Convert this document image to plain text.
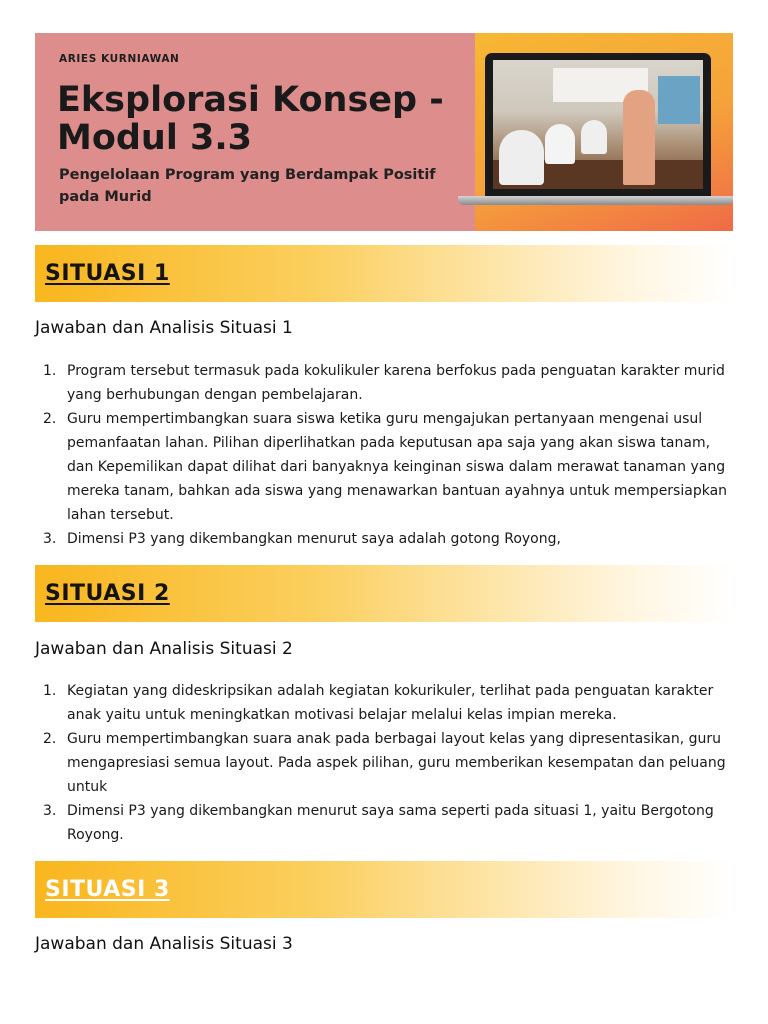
ARIES KURNIAWAN
Eksplorasi Konsep -
Modul 3.3
Pengelolaan Program yang Berdampak Positif
pada Murid
SITUASI 1
Jawaban dan Analisis Situasi 1
1. Program tersebut termasuk pada kokulikuler karena berfokus pada penguatan karakter murid
yang berhubungan dengan pembelajaran.
2. Guru mempertimbangkan suara siswa ketika guru mengajukan pertanyaan mengenai usul
pemanfaatan lahan. Pilihan diperlihatkan pada keputusan apa saja yang akan siswa tanam,
dan Kepemilikan dapat dilihat dari banyaknya keinginan siswa dalam merawat tanaman yang
mereka tanam, bahkan ada siswa yang menawarkan bantuan ayahnya untuk mempersiapkan
lahan tersebut.
3. Dimensi P3 yang dikembangkan menurut saya adalah gotong Royong,
SITUASI 2
Jawaban dan Analisis Situasi 2
1. Kegiatan yang dideskripsikan adalah kegiatan kokurikuler, terlihat pada penguatan karakter
anak yaitu untuk meningkatkan motivasi belajar melalui kelas impian mereka.
2. Guru mempertimbangkan suara anak pada berbagai layout kelas yang dipresentasikan, guru
mengapresiasi semua layout. Pada aspek pilihan, guru memberikan kesempatan dan peluang
untuk
3. Dimensi P3 yang dikembangkan menurut saya sama seperti pada situasi 1, yaitu Bergotong
Royong.
SITUASI 3
Jawaban dan Analisis Situasi 3
